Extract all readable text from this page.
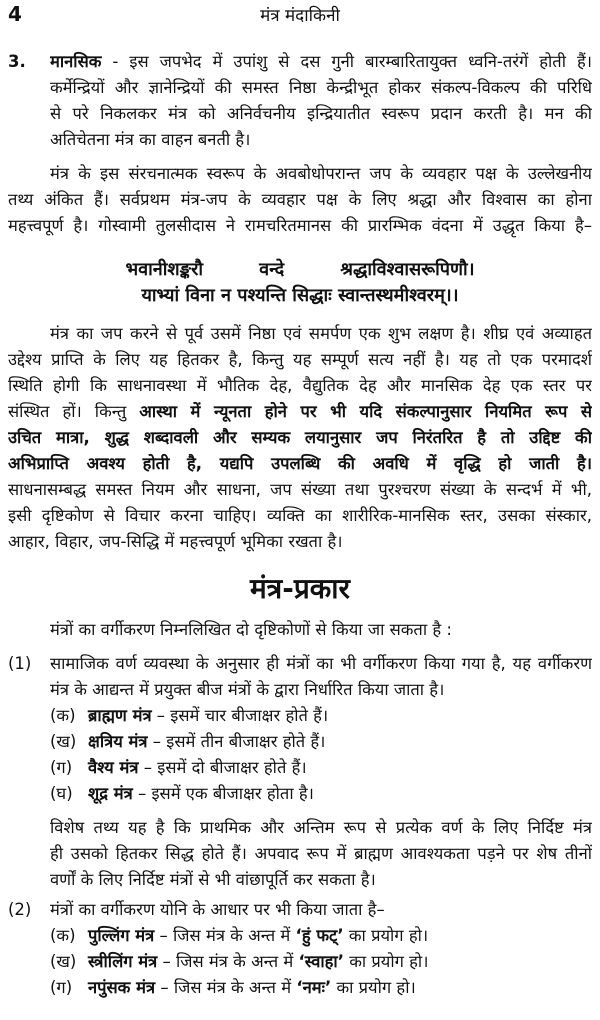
4	मंत्र मंदाकिनी
3. मानसिक - इस जपभेद में उपांशु से दस गुनी बारम्बारितायुक्त ध्वनि-तरंगें होती हैं।
कर्मेन्द्रियों और ज्ञानेन्द्रियों की समस्त निष्ठा केन्द्रीभूत होकर संकल्प-विकल्प की परिधि
से परे निकलकर मंत्र को अनिर्वचनीय इन्द्रियातीत स्वरूप प्रदान करती है। मन की
अतिचेतना मंत्र का वाहन बनती है।
मंत्र के इस संरचनात्मक स्वरूप के अवबोधोपरान्त जप के व्यवहार पक्ष के उल्लेखनीय
तथ्य अंकित हैं। सर्वप्रथम मंत्र-जप के व्यवहार पक्ष के लिए श्रद्धा और विश्वास का होना
महत्त्वपूर्ण है। गोस्वामी तुलसीदास ने रामचरितमानस की प्रारम्भिक वंदना में उद्धृत किया है–
भवानीशङ्करौ	वन्दे	श्रद्धाविश्वासरूपिणौ।
याभ्यां विना न पश्यन्ति सिद्धाः स्वान्तस्थमीश्वरम्।।
मंत्र का जप करने से पूर्व उसमें निष्ठा एवं समर्पण एक शुभ लक्षण है। शीघ्र एवं अव्याहत
उद्देश्य प्राप्ति के लिए यह हितकर है, किन्तु यह सम्पूर्ण सत्य नहीं है। यह तो एक परमादर्श
स्थिति होगी कि साधनावस्था में भौतिक देह, वैद्युतिक देह और मानसिक देह एक स्तर पर
संस्थित हों। किन्तु आस्था में न्यूनता होने पर भी यदि संकल्पानुसार नियमित रूप से
उचित मात्रा, शुद्ध शब्दावली और सम्यक लयानुसार जप निरंतरित है तो उद्दिष्ट की
अभिप्राप्ति अवश्य होती है, यद्यपि उपलब्धि की अवधि में वृद्धि हो जाती है।
साधनासम्बद्ध समस्त नियम और साधना, जप संख्या तथा पुरश्चरण संख्या के सन्दर्भ में भी,
इसी दृष्टिकोण से विचार करना चाहिए। व्यक्ति का शारीरिक-मानसिक स्तर, उसका संस्कार,
आहार, विहार, जप-सिद्धि में महत्त्वपूर्ण भूमिका रखता है।
मंत्र-प्रकार
मंत्रों का वर्गीकरण निम्नलिखित दो दृष्टिकोणों से किया जा सकता है :
(1) सामाजिक वर्ण व्यवस्था के अनुसार ही मंत्रों का भी वर्गीकरण किया गया है, यह वर्गीकरण
मंत्र के आद्यन्त में प्रयुक्त बीज मंत्रों के द्वारा निर्धारित किया जाता है।
(क) ब्राह्मण मंत्र – इसमें चार बीजाक्षर होते हैं।
(ख) क्षत्रिय मंत्र – इसमें तीन बीजाक्षर होते हैं।
(ग) वैश्य मंत्र – इसमें दो बीजाक्षर होते हैं।
(घ) शूद्र मंत्र – इसमें एक बीजाक्षर होता है।
विशेष तथ्य यह है कि प्राथमिक और अन्तिम रूप से प्रत्येक वर्ण के लिए निर्दिष्ट मंत्र
ही उसको हितकर सिद्ध होते हैं। अपवाद रूप में ब्राह्मण आवश्यकता पड़ने पर शेष तीनों
वर्णों के लिए निर्दिष्ट मंत्रों से भी वांछापूर्ति कर सकता है।
(2) मंत्रों का वर्गीकरण योनि के आधार पर भी किया जाता है–
(क) पुल्लिंग मंत्र – जिस मंत्र के अन्त में ‘हुं फट्’ का प्रयोग हो।
(ख) स्त्रीलिंग मंत्र – जिस मंत्र के अन्त में ‘स्वाहा’ का प्रयोग हो।
(ग) नपुंसक मंत्र – जिस मंत्र के अन्त में ‘नमः’ का प्रयोग हो।
